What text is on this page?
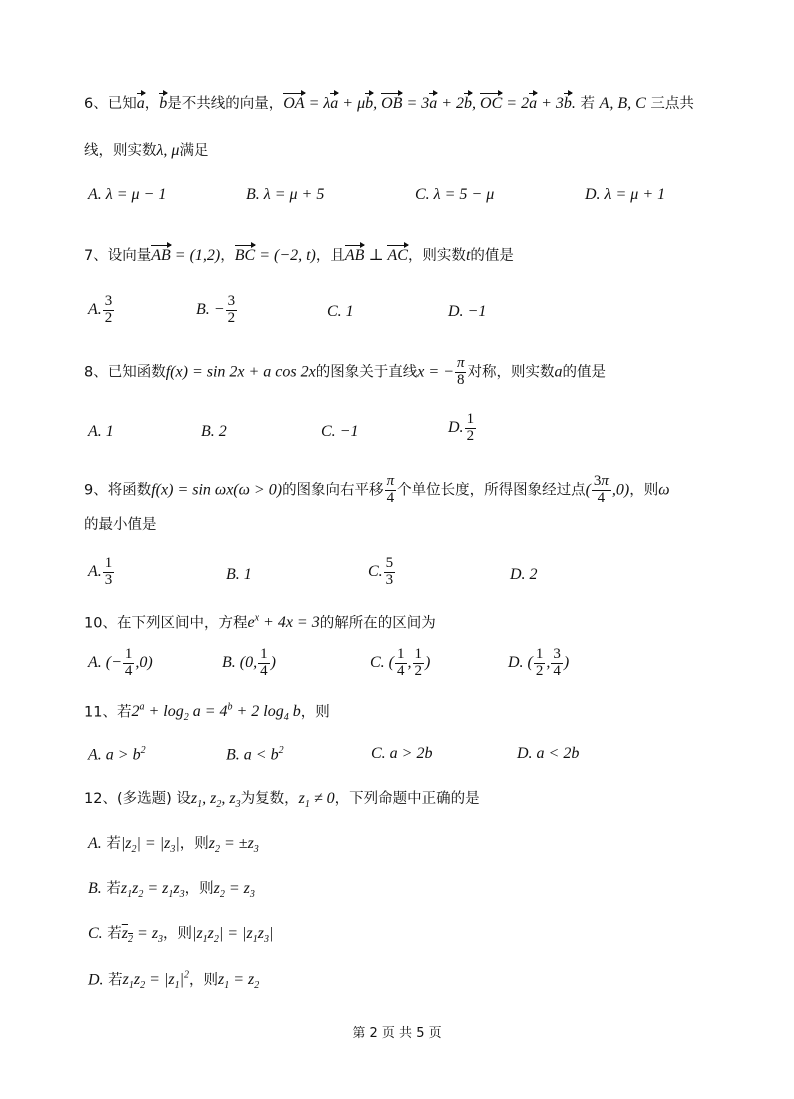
6、已知a，b是不共线的向量，OA = λa + μb, OB = 3a + 2b, OC = 2a + 3b. 若 A, B, C 三点共
线，则实数λ, μ满足
A. λ = μ − 1	B. λ = μ + 5	C. λ = 5 − μ	D. λ = μ + 1
7、设向量AB = (1,2)，BC = (−2, t)，且AB ⊥ AC，则实数t的值是
A. $\frac{3}{2}$	B. − $\frac{3}{2}$	C. 1	D. −1
8、已知函数f(x) = sin 2x + a cos 2x的图象关于直线x = − $\frac{\pi}{8}$ 对称，则实数a的值是
A. 1	B. 2	C. −1	D. $\frac{1}{2}$
9、将函数f(x) = sin ωx(ω > 0)的图象向右平移 $\frac{\pi}{4}$ 个单位长度，所得图象经过点( $\frac{3\pi}{4} ,0$)，则ω
的最小值是
A. $\frac{1}{3}$	B. 1	C. $\frac{5}{3}$	D. 2
10、在下列区间中，方程$e^x + 4x = 3$的解所在的区间为
A. (− $\frac{1}{4} ,0$)	B. (0, $\frac{1}{4}$ )	C. ( $\frac{1}{4}$ , $\frac{1}{2}$ )	D. ( $\frac{1}{2}$ , $\frac{3}{4}$ )
11、若$2^a + \log_2 a = 4^b + 2$ $\log_4 b$，则
A. $a > b^2$	B. $a < b^2$	C. a > 2b	D. a < 2b
12、(多选题) 设$z_1$, $z_2$, $z_3$为复数，$z_1 \ne 0$，下列命题中正确的是
A. 若$|z_2| = |z_3|$，则$z_2 = \pm z_3$
B. 若$z_1z_2 = z_1z_3$，则$z_2 = z_3$
C. 若$z_2 = z_3$，则$|z_1z_2| = |z_1z_3|$
D. 若$z_1z_2 = |z_1|^2$，则$z_1 = z_2$
第 2 页 共 5 页
